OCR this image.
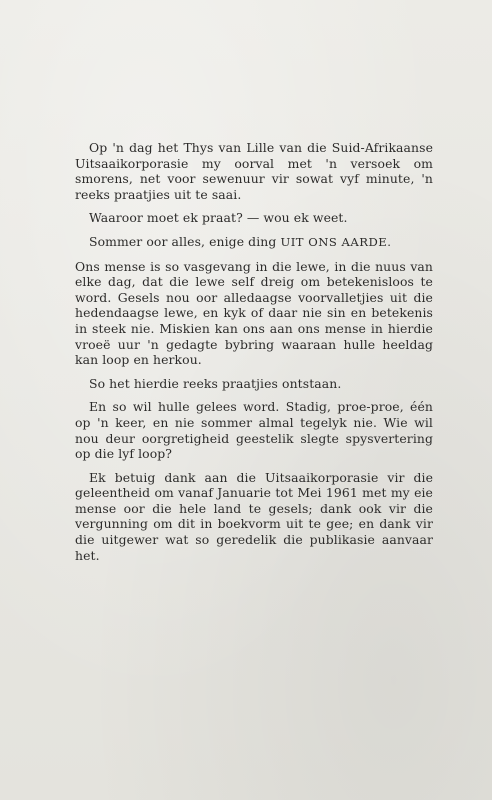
Op 'n dag het Thys van Lille van die Suid-Afrikaanse Uitsaaikorporasie my oorval met 'n versoek om smorens, net voor sewenuur vir sowat vyf minute, 'n reeks praatjies uit te saai.

Waaroor moet ek praat? — wou ek weet.

Sommer oor alles, enige ding UIT ONS AARDE.

Ons mense is so vasgevang in die lewe, in die nuus van elke dag, dat die lewe self dreig om betekenisloos te word. Gesels nou oor alledaagse voorvalletjies uit die hedendaagse lewe, en kyk of daar nie sin en betekenis in steek nie. Miskien kan ons aan ons mense in hierdie vroeë uur 'n gedagte bybring waaraan hulle heeldag kan loop en herkou.

So het hierdie reeks praatjies ontstaan.

En so wil hulle gelees word. Stadig, proe-proe, één op 'n keer, en nie sommer almal tegelyk nie. Wie wil nou deur oorgretigheid geestelik slegte spysvertering op die lyf loop?

Ek betuig dank aan die Uitsaaikorporasie vir die geleentheid om vanaf Januarie tot Mei 1961 met my eie mense oor die hele land te gesels; dank ook vir die vergunning om dit in boekvorm uit te gee; en dank vir die uitgewer wat so geredelik die publikasie aanvaar het.
